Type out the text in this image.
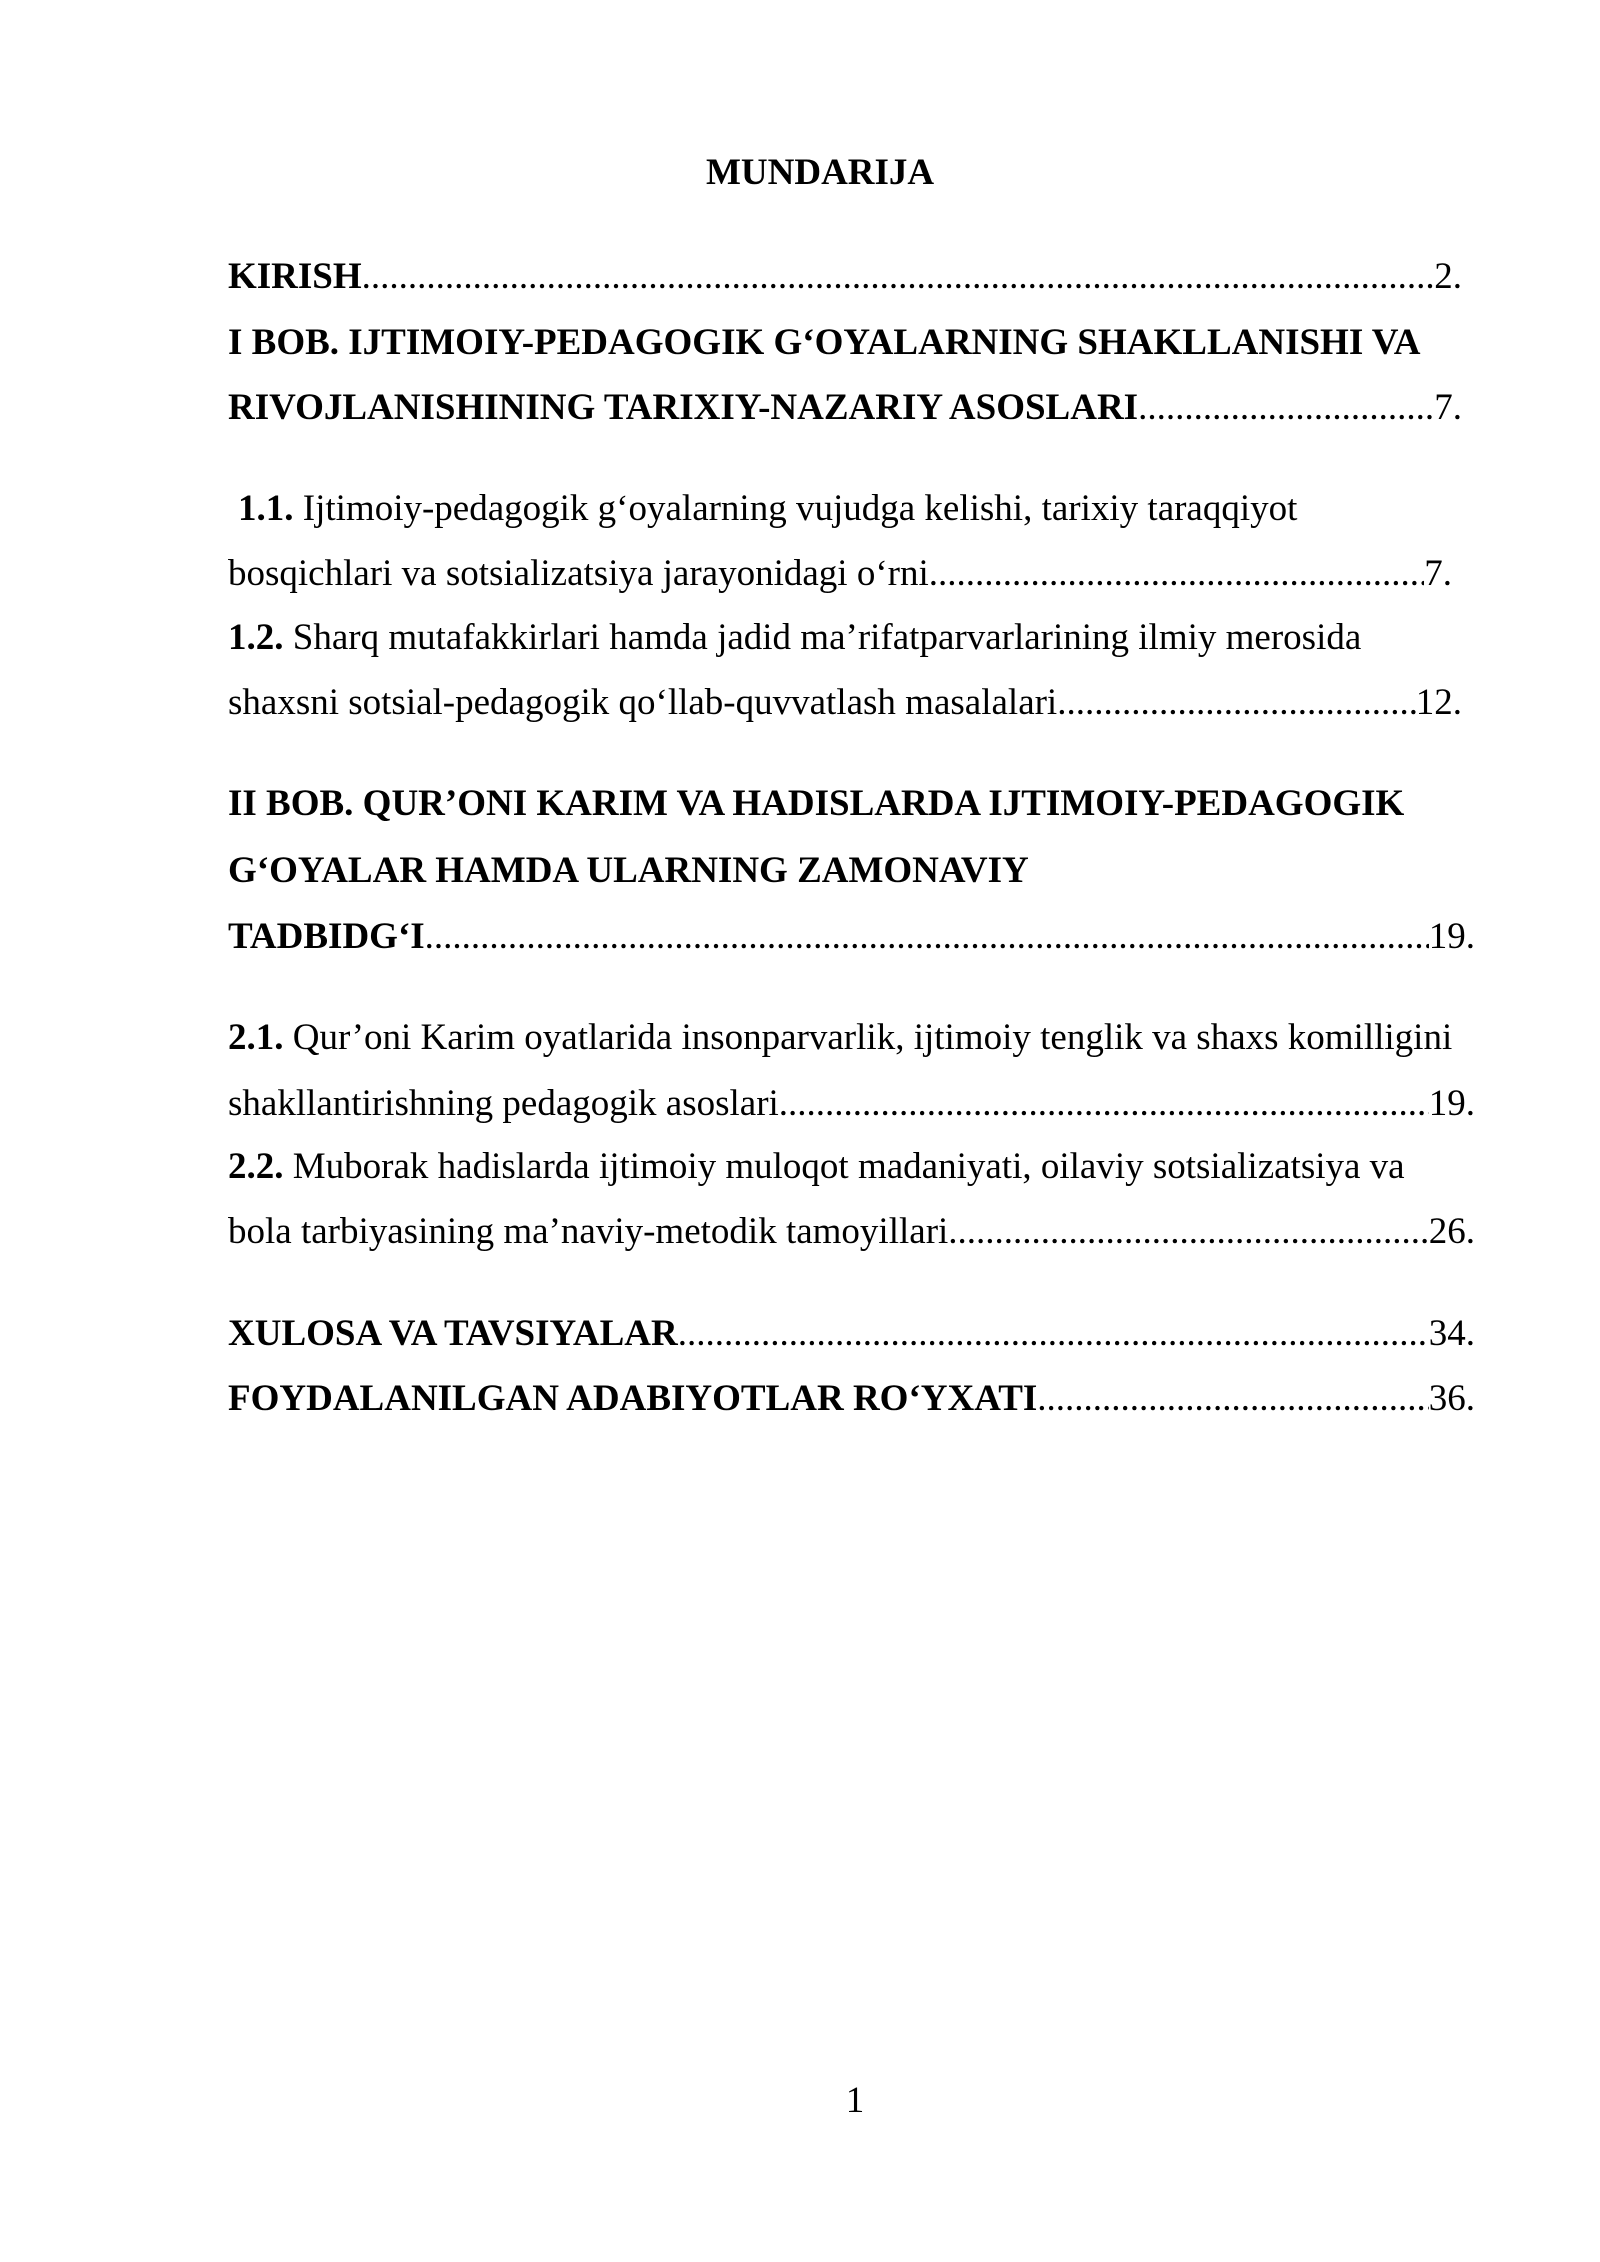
MUNDARIJA
KIRISH .....	2.
I BOB. IJTIMOIY-PEDAGOGIK G‘OYALARNING SHAKLLANISHI VA
RIVOJLANISHINING TARIXIY-NAZARIY ASOSLARI .....	7.
1.1. Ijtimoiy-pedagogik g‘oyalarning vujudga kelishi, tarixiy taraqqiyot
bosqichlari va sotsializatsiya jarayonidagi o‘rni .....	7.
1.2. Sharq mutafakkirlari hamda jadid ma’rifatparvarlarining ilmiy merosida
shaxsni sotsial-pedagogik qo‘llab-quvvatlash masalalari .....	12.
II BOB. QUR’ONI KARIM VA HADISLARDA IJTIMOIY-PEDAGOGIK
G‘OYALAR HAMDA ULARNING ZAMONAVIY
TADBIDG‘I .....	19.
2.1. Qur’oni Karim oyatlarida insonparvarlik, ijtimoiy tenglik va shaxs komilligini
shakllantirishning pedagogik asoslari .....	19.
2.2. Muborak hadislarda ijtimoiy muloqot madaniyati, oilaviy sotsializatsiya va
bola tarbiyasining ma’naviy-metodik tamoyillari .....	26.
XULOSA VA TAVSIYALAR .....	34.
FOYDALANILGAN ADABIYOTLAR RO‘YXATI .....	36.
1
